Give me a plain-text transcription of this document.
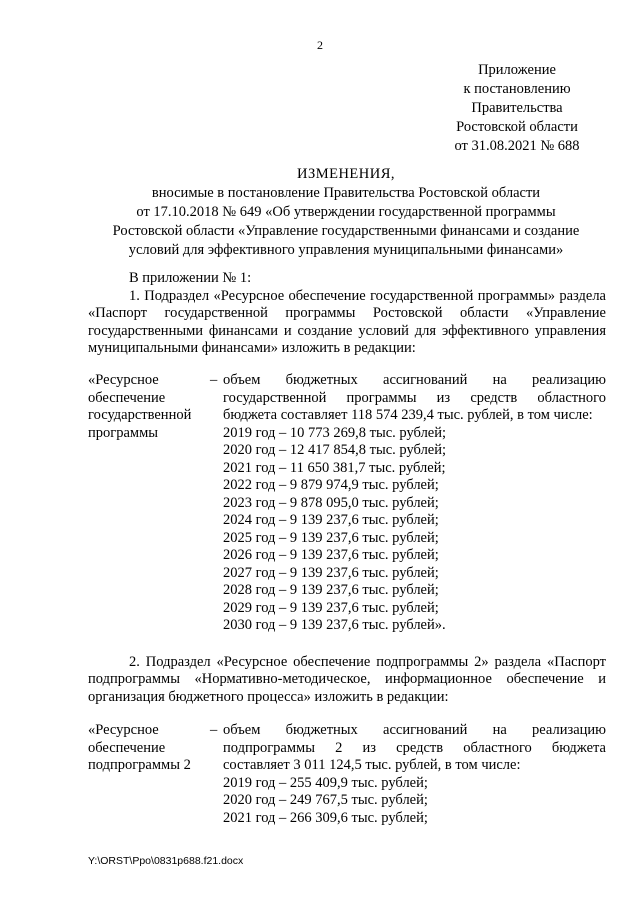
2
Приложение
к постановлению
Правительства
Ростовской области
от 31.08.2021 № 688
ИЗМЕНЕНИЯ,
вносимые в постановление Правительства Ростовской области
от 17.10.2018 № 649 «Об утверждении государственной программы
Ростовской области «Управление государственными финансами и создание
условий для эффективного управления муниципальными финансами»
В приложении № 1:
1. Подраздел «Ресурсное обеспечение государственной программы» раздела «Паспорт государственной программы Ростовской области «Управление государственными финансами и создание условий для эффективного управления муниципальными финансами» изложить в редакции:
«Ресурсное обеспечение государственной программы
– объем бюджетных ассигнований на реализацию государственной программы из средств областного
бюджета составляет 118 574 239,4 тыс. рублей, в том числе:
2019 год – 10 773 269,8 тыс. рублей;
2020 год – 12 417 854,8 тыс. рублей;
2021 год – 11 650 381,7 тыс. рублей;
2022 год – 9 879 974,9 тыс. рублей;
2023 год – 9 878 095,0 тыс. рублей;
2024 год – 9 139 237,6 тыс. рублей;
2025 год – 9 139 237,6 тыс. рублей;
2026 год – 9 139 237,6 тыс. рублей;
2027 год – 9 139 237,6 тыс. рублей;
2028 год – 9 139 237,6 тыс. рублей;
2029 год – 9 139 237,6 тыс. рублей;
2030 год – 9 139 237,6 тыс. рублей».
2. Подраздел «Ресурсное обеспечение подпрограммы 2» раздела «Паспорт подпрограммы «Нормативно-методическое, информационное обеспечение и организация бюджетного процесса» изложить в редакции:
«Ресурсное обеспечение подпрограммы 2
– объем бюджетных ассигнований на реализацию подпрограммы 2 из средств областного бюджета
составляет 3 011 124,5 тыс. рублей, в том числе:
2019 год – 255 409,9 тыс. рублей;
2020 год – 249 767,5 тыс. рублей;
2021 год – 266 309,6 тыс. рублей;
Y:\ORST\Ppo\0831p688.f21.docx
